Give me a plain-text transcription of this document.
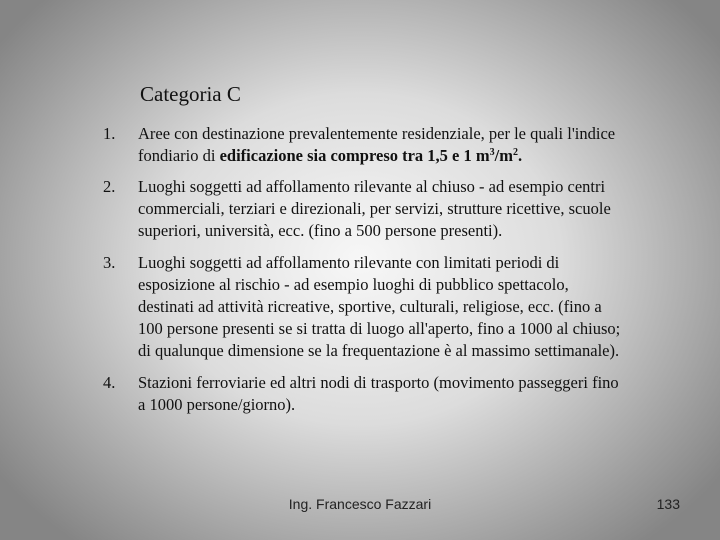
Categoria C
1. Aree con destinazione prevalentemente residenziale, per le quali l'indice
fondiario di edificazione sia compreso tra 1,5 e 1 $m^3/m^2$.
2. Luoghi soggetti ad affollamento rilevante al chiuso - ad esempio centri
commerciali, terziari e direzionali, per servizi, strutture ricettive, scuole
superiori, università, ecc. (fino a 500 persone presenti).
3. Luoghi soggetti ad affollamento rilevante con limitati periodi di
esposizione al rischio - ad esempio luoghi di pubblico spettacolo,
destinati ad attività ricreative, sportive, culturali, religiose, ecc. (fino a
100 persone presenti se si tratta di luogo all'aperto, fino a 1000 al chiuso;
di qualunque dimensione se la frequentazione è al massimo settimanale).
4. Stazioni ferroviarie ed altri nodi di trasporto (movimento passeggeri fino
a 1000 persone/giorno).
Ing. Francesco Fazzari	133
